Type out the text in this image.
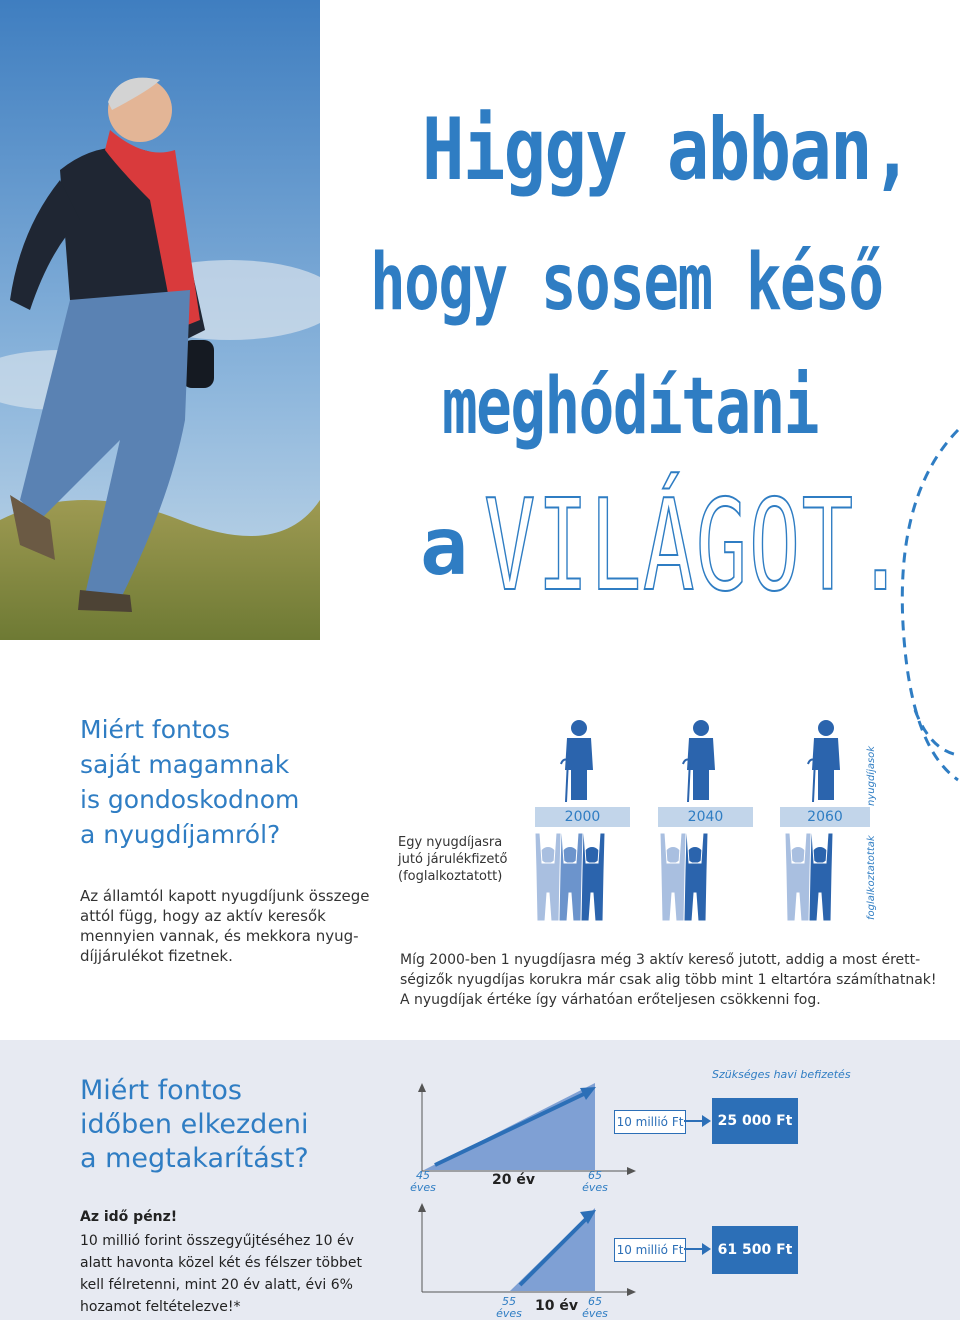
Higgy abban,
hogy sosem késő
meghódítani
a VILÁGOT.
Miért fontos
saját magamnak
is gondoskodnom
a nyugdíjamról?
Az államtól kapott nyugdíjunk összege
attól függ, hogy az aktív keresők
mennyien vannak, és mekkora nyug-
díjjárulékot fizetnek.
Egy nyugdíjasra
jutó járulékfizető
(foglalkoztatott)
2000	2040	2060
nyugdíjasok
foglalkoztatottak
Míg 2000-ben 1 nyugdíjasra még 3 aktív kereső jutott, addig a most érett-
ségizők nyugdíjas korukra már csak alig több mint 1 eltartóra számíthatnak!
A nyugdíjak értéke így várhatóan erőteljesen csökkenni fog.
Miért fontos
időben elkezdeni
a megtakarítást?
Az idő pénz!
10 millió forint összegyűjtéséhez 10 év
alatt havonta közel két és félszer többet
kell félretenni, mint 20 év alatt, évi 6%
hozamot feltételezve!*
45
éves	20 év	65
éves
Szükséges havi befizetés
10 millió Ft	25 000 Ft
55
éves 10 év 65
éves
10 millió Ft	61 500 Ft
